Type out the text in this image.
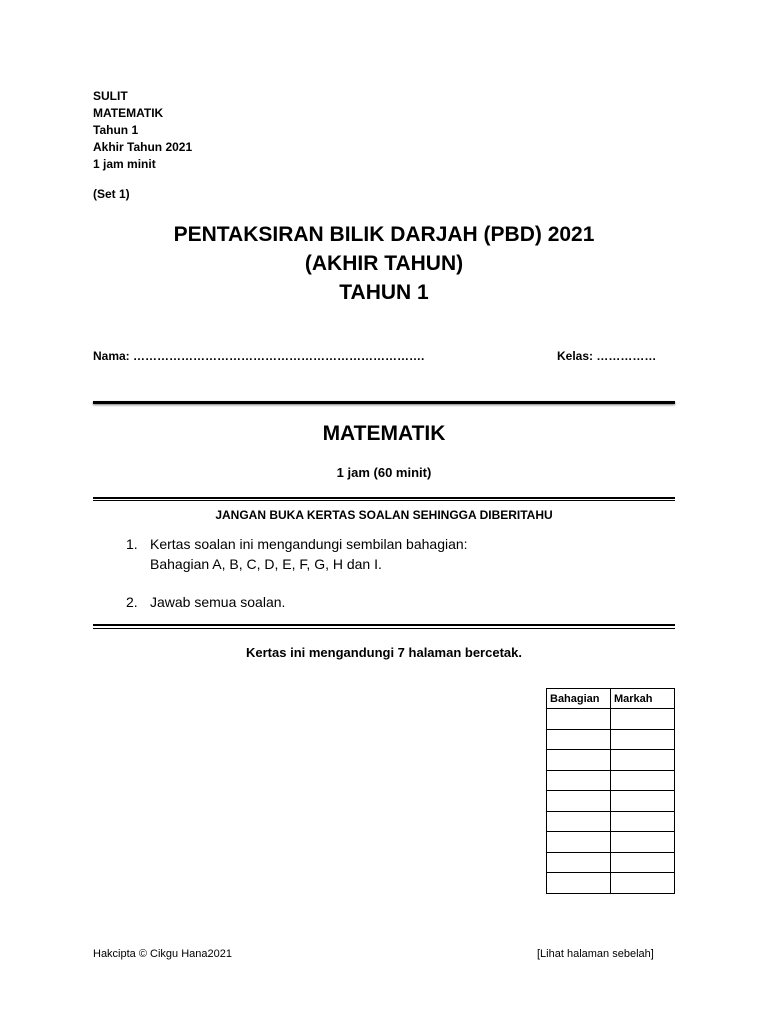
SULIT
MATEMATIK
Tahun 1
Akhir Tahun 2021
1 jam minit
(Set 1)
PENTAKSIRAN BILIK DARJAH (PBD) 2021
(AKHIR TAHUN)
TAHUN 1
Nama: ……………………………………………………………….	Kelas: ……………
MATEMATIK
1 jam (60 minit)
JANGAN BUKA KERTAS SOALAN SEHINGGA DIBERITAHU
1. Kertas soalan ini mengandungi sembilan bahagian:
Bahagian A, B, C, D, E, F, G, H dan I.
2. Jawab semua soalan.
Kertas ini mengandungi 7 halaman bercetak.
Bahagian	Markah

Hakcipta © Cikgu Hana2021	[Lihat halaman sebelah]
